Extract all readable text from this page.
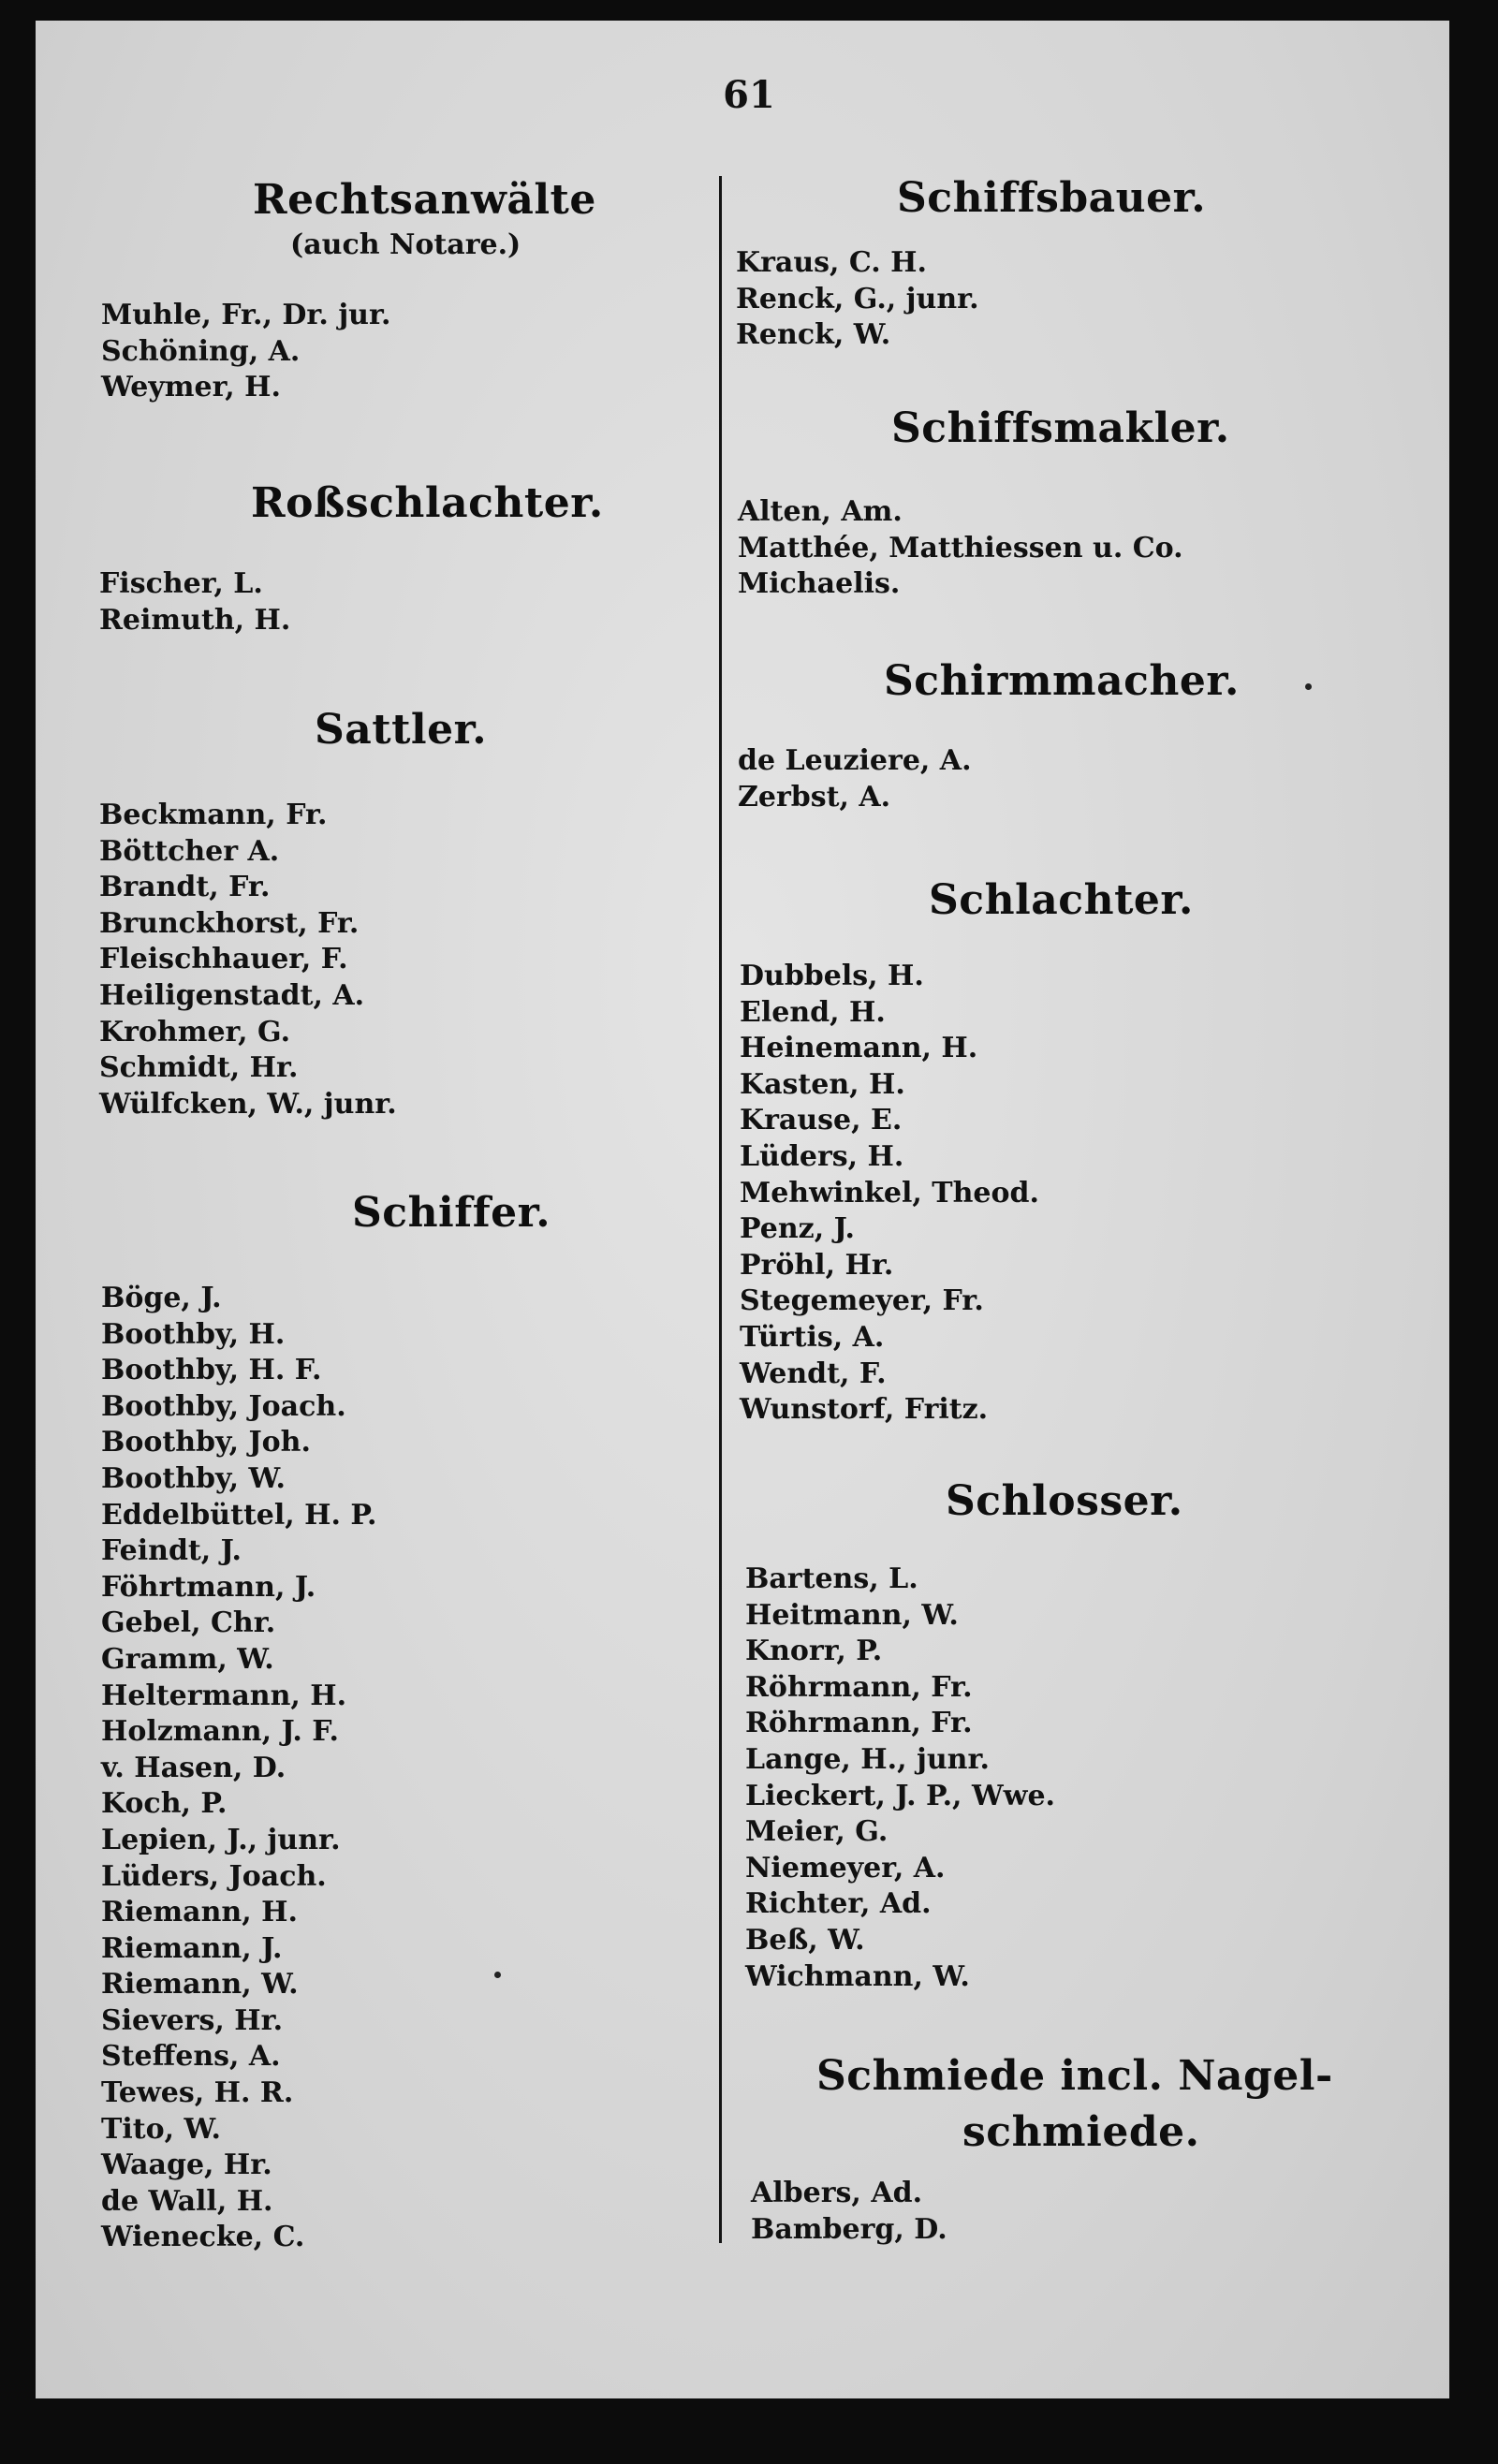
61
Rechtsanwälte
(auch Notare.)
Muhle, Fr., Dr. jur.
Schöning, A.
Weymer, H.
Roßschlachter.
Fischer, L.
Reimuth, H.
Sattler.
Beckmann, Fr.
Böttcher A.
Brandt, Fr.
Brunckhorst, Fr.
Fleischhauer, F.
Heiligenstadt, A.
Krohmer, G.
Schmidt, Hr.
Wülfcken, W., junr.
Schiffer.
Böge, J.
Boothby, H.
Boothby, H. F.
Boothby, Joach.
Boothby, Joh.
Boothby, W.
Eddelbüttel, H. P.
Feindt, J.
Föhrtmann, J.
Gebel, Chr.
Gramm, W.
Heltermann, H.
Holzmann, J. F.
v. Hasen, D.
Koch, P.
Lepien, J., junr.
Lüders, Joach.
Riemann, H.
Riemann, J.
Riemann, W.
Sievers, Hr.
Steffens, A.
Tewes, H. R.
Tito, W.
Waage, Hr.
de Wall, H.
Wienecke, C.
Schiffsbauer.
Kraus, C. H.
Renck, G., junr.
Renck, W.
Schiffsmakler.
Alten, Am.
Matthée, Matthiessen u. Co.
Michaelis.
Schirmmacher.
de Leuziere, A.
Zerbst, A.
Schlachter.
Dubbels, H.
Elend, H.
Heinemann, H.
Kasten, H.
Krause, E.
Lüders, H.
Mehwinkel, Theod.
Penz, J.
Pröhl, Hr.
Stegemeyer, Fr.
Türtis, A.
Wendt, F.
Wunstorf, Fritz.
Schlosser.
Bartens, L.
Heitmann, W.
Knorr, P.
Röhrmann, Fr.
Röhrmann, Fr.
Lange, H., junr.
Lieckert, J. P., Wwe.
Meier, G.
Niemeyer, A.
Richter, Ad.
Beß, W.
Wichmann, W.
Schmiede incl. Nagel-
schmiede.
Albers, Ad.
Bamberg, D.
